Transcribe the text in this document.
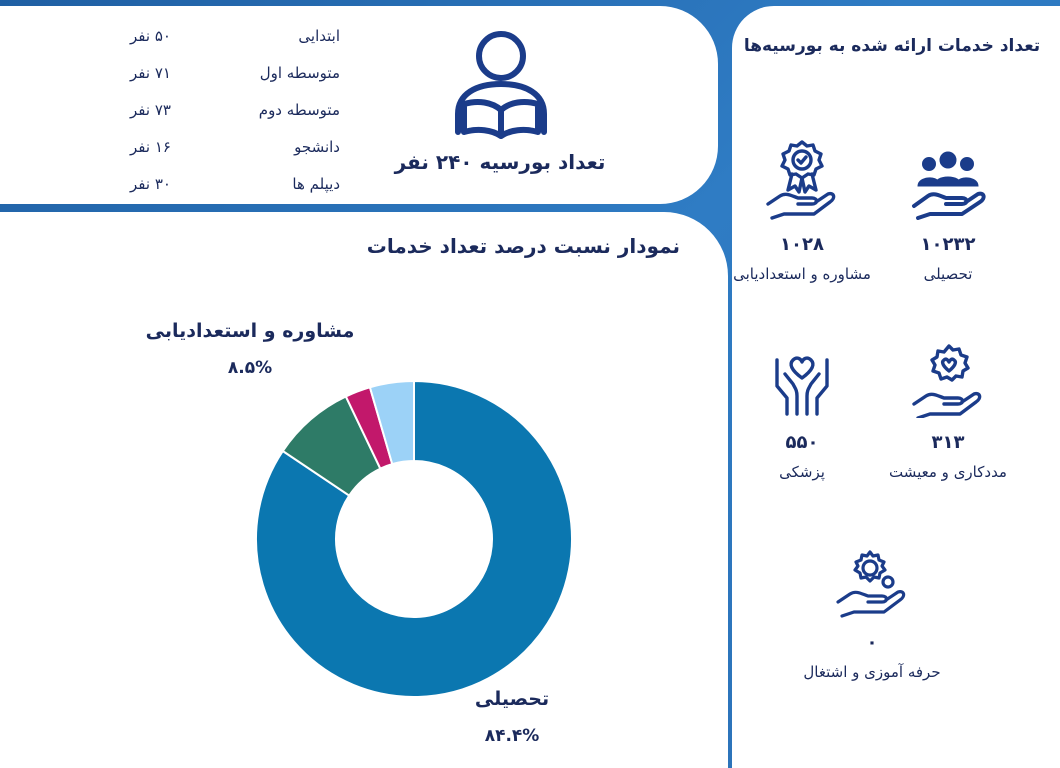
ابتدایی
۵۰ نفر
متوسطه اول
۷۱ نفر
متوسطه دوم
۷۳ نفر
دانشجو
۱۶ نفر
دیپلم ها
۳۰ نفر
تعداد بورسیه ۲۴۰ نفر
تعداد خدمات ارائه شده به بورسیه‌ها
۱۰۲۳۲
تحصیلی
۱۰۲۸
مشاوره و استعدادیابی
۳۱۳
مددکاری و معیشت
۵۵۰
پزشکی
۰
حرفه آموزی و اشتغال
نمودار نسبت درصد تعداد خدمات
مشاوره و استعدادیابی
۸.۵%
تحصیلی
۸۴.۴%
